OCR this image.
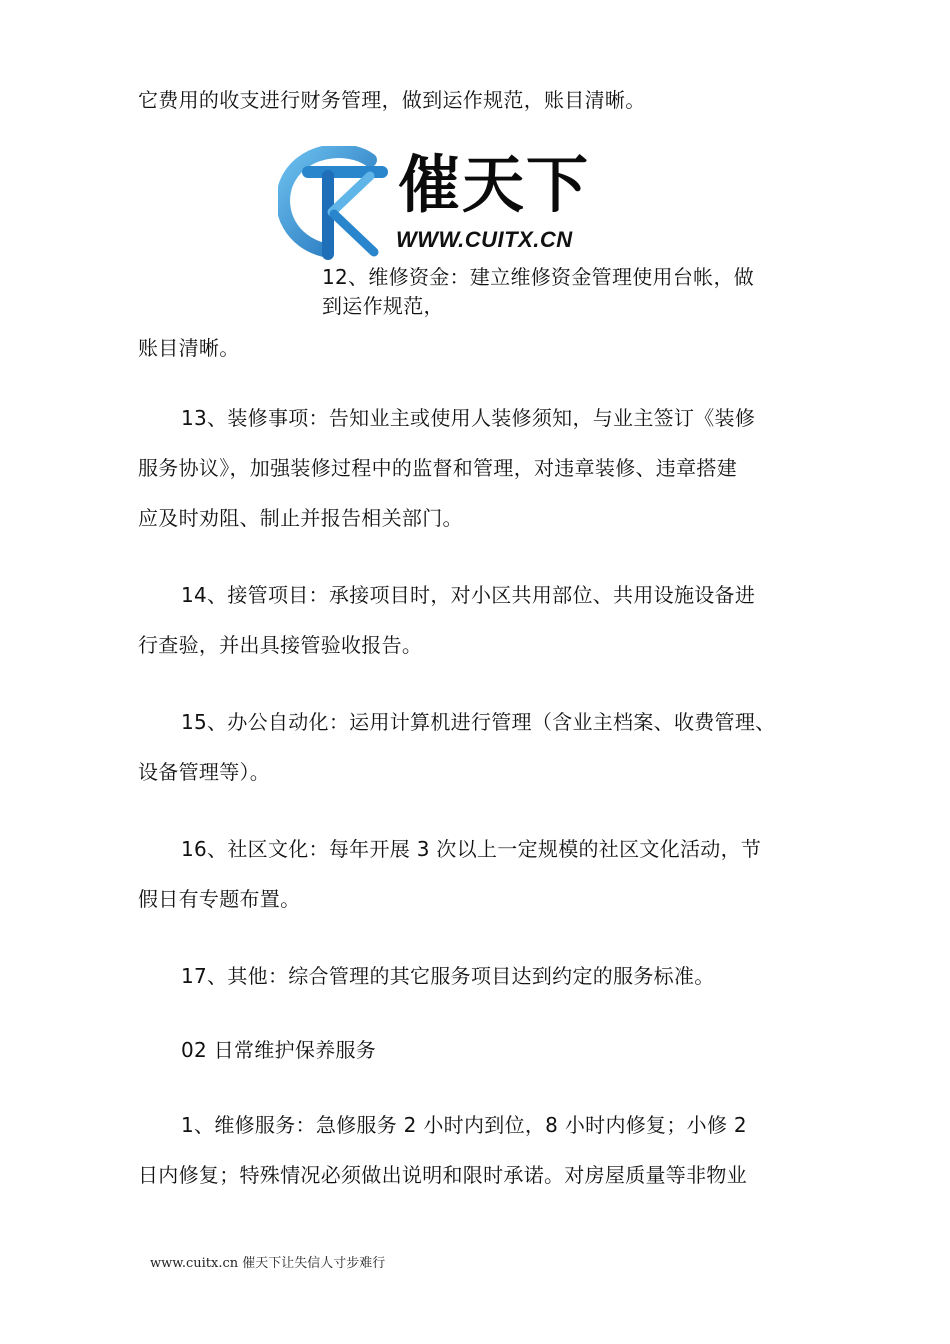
它费用的收支进行财务管理，做到运作规范，账目清晰。
催天下
WWW.CUITX.CN
12、维修资金：建立维修资金管理使用台帐，做
到运作规范，
账目清晰。
13、装修事项：告知业主或使用人装修须知，与业主签订《装修
服务协议》，加强装修过程中的监督和管理，对违章装修、违章搭建
应及时劝阻、制止并报告相关部门。
14、接管项目：承接项目时，对小区共用部位、共用设施设备进
行查验，并出具接管验收报告。
15、办公自动化：运用计算机进行管理（含业主档案、收费管理、
设备管理等）。
16、社区文化：每年开展 3 次以上一定规模的社区文化活动，节
假日有专题布置。
17、其他：综合管理的其它服务项目达到约定的服务标准。
02 日常维护保养服务
1、维修服务：急修服务 2 小时内到位，8 小时内修复；小修 2
日内修复；特殊情况必须做出说明和限时承诺。对房屋质量等非物业
www.cuitx.cn 催天下让失信人寸步难行
